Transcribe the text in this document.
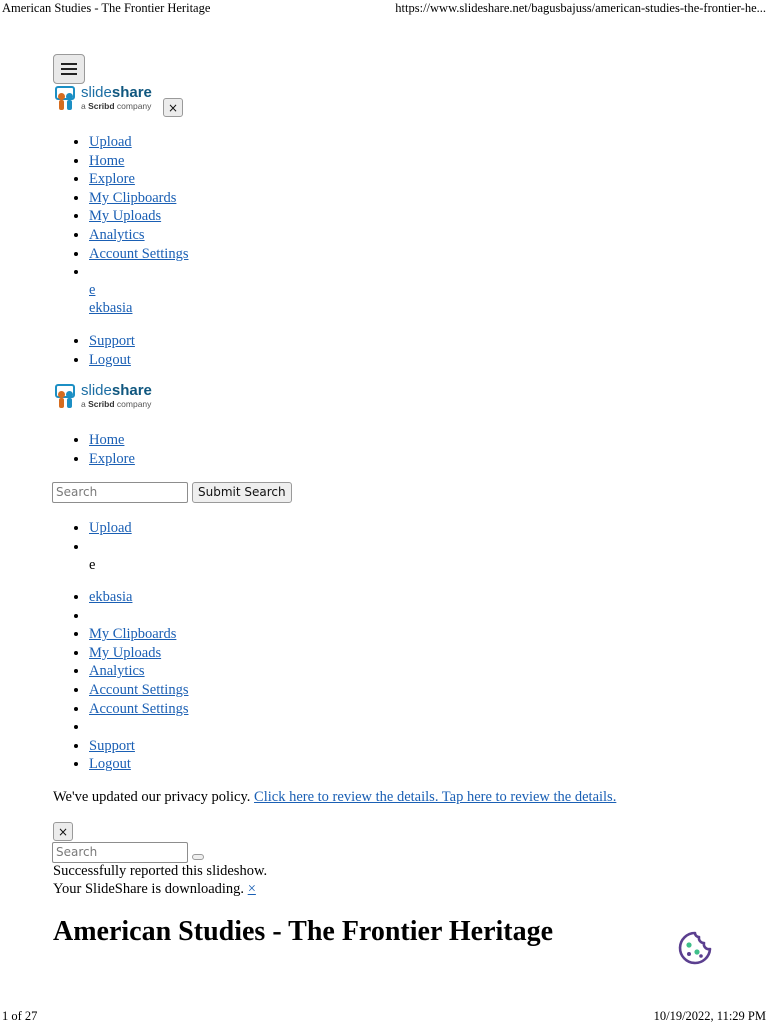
American Studies - The Frontier Heritage	https://www.slideshare.net/bagusbajuss/american-studies-the-frontier-he...
slideshare
a Scribd company	×
• Upload
• Home
• Explore
• My Clipboards
• My Uploads
• Analytics
• Account Settings
•
e
ekbasia
• Support
• Logout
slideshare
a Scribd company
• Home
• Explore
Search	Submit Search
• Upload
•
e
• ekbasia
•
• My Clipboards
• My Uploads
• Analytics
• Account Settings
• Account Settings
•
• Support
• Logout
We've updated our privacy policy. Click here to review the details. Tap here to review the details.
×
Search
Successfully reported this slideshow.
Your SlideShare is downloading. ×
American Studies - The Frontier Heritage
1 of 27	10/19/2022, 11:29 PM
